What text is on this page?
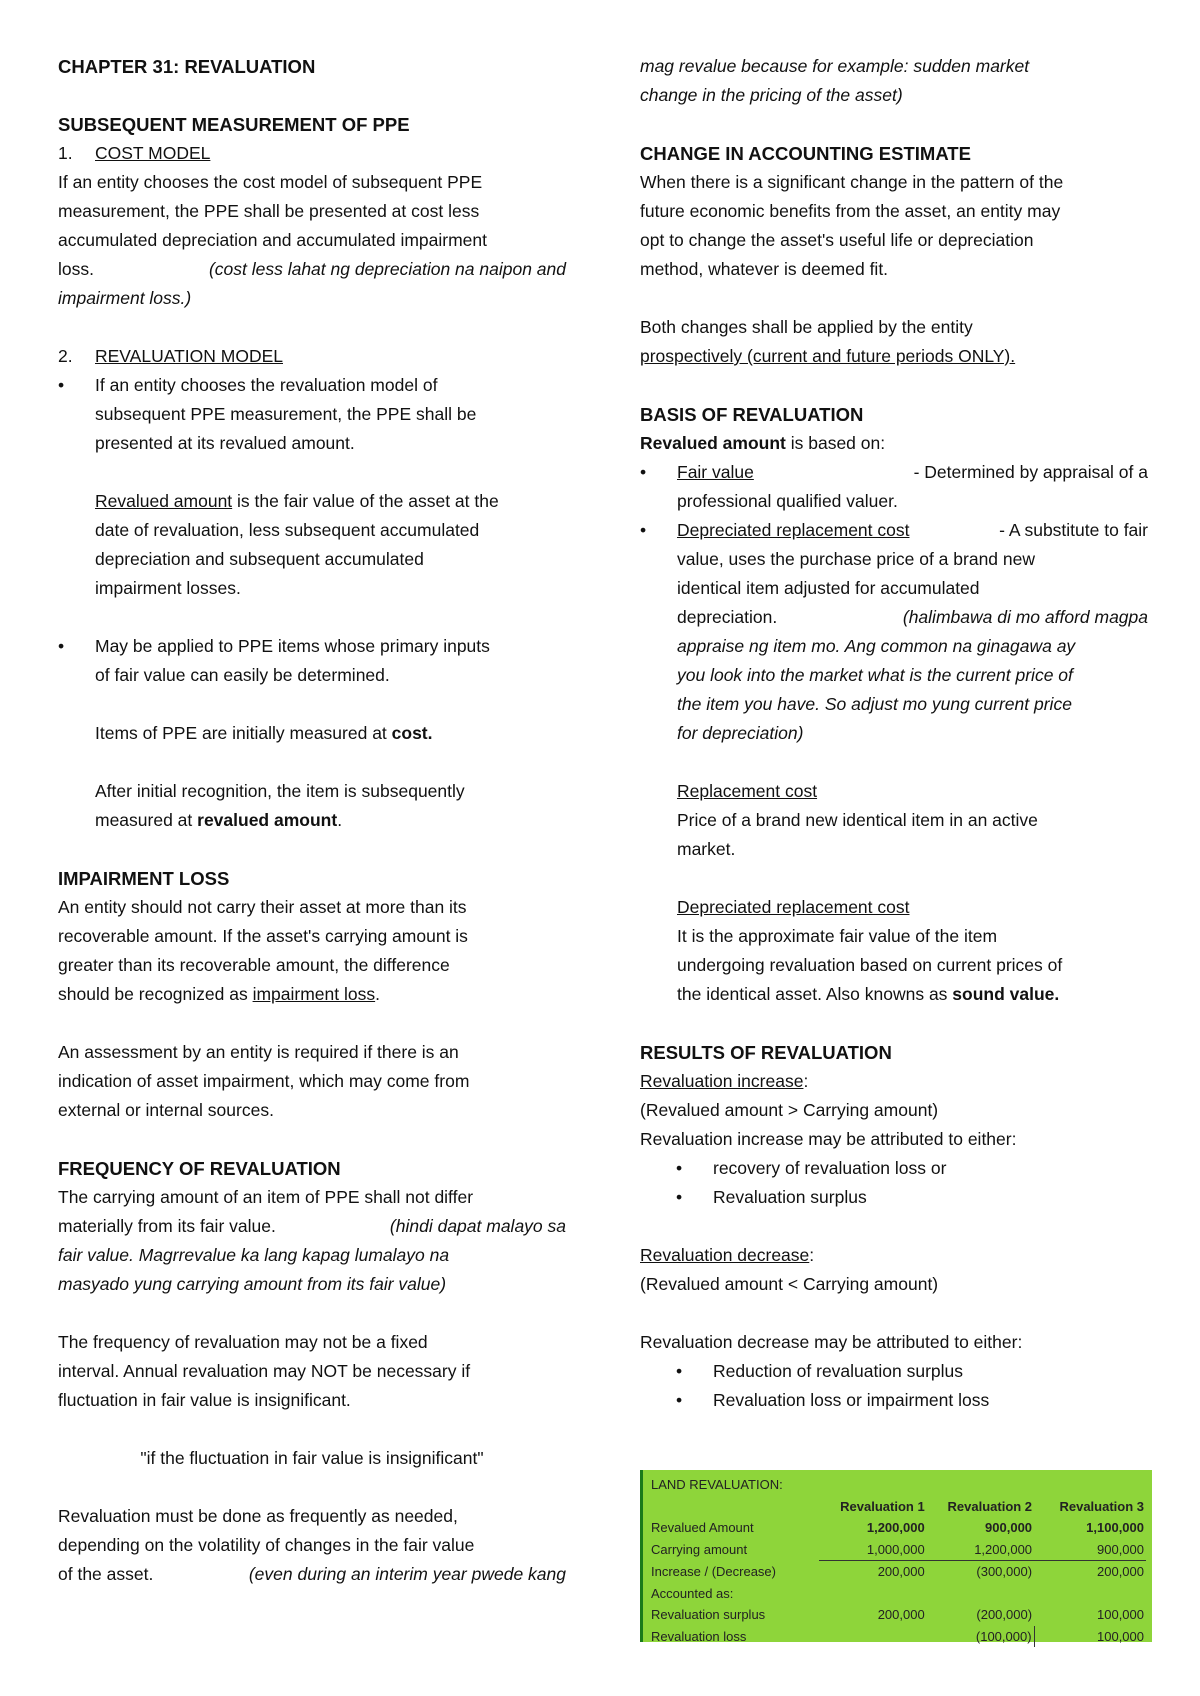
CHAPTER 31: REVALUATION

SUBSEQUENT MEASUREMENT OF PPE

1. COST MODEL

If an entity chooses the cost model of subsequent PPE

measurement, the PPE shall be presented at cost less

accumulated depreciation and accumulated impairment

loss.	(cost less lahat ng depreciation na naipon and

impairment loss.)

2. REVALUATION MODEL
• If an entity chooses the revaluation model of

subsequent PPE measurement, the PPE shall be

presented at its revalued amount.

Revalued amount is the fair value of the asset at the

date of revaluation, less subsequent accumulated

depreciation and subsequent accumulated

impairment losses.

• May be applied to PPE items whose primary inputs

of fair value can easily be determined.

Items of PPE are initially measured at cost.

After initial recognition, the item is subsequently

measured at revalued amount.

IMPAIRMENT LOSS

An entity should not carry their asset at more than its

recoverable amount. If the asset's carrying amount is

greater than its recoverable amount, the difference

should be recognized as impairment loss.

An assessment by an entity is required if there is an

indication of asset impairment, which may come from

external or internal sources.

FREQUENCY OF REVALUATION

The carrying amount of an item of PPE shall not differ

materially from its fair value.	(hindi dapat malayo sa

fair value. Magrrevalue ka lang kapag lumalayo na

masyado yung carrying amount from its fair value)

The frequency of revaluation may not be a fixed

interval. Annual revaluation may NOT be necessary if

fluctuation in fair value is insignificant.

"if the fluctuation in fair value is insignificant"

Revaluation must be done as frequently as needed,

depending on the volatility of changes in the fair value

of the asset.	(even during an interim year pwede kang

mag revalue because for example: sudden market

change in the pricing of the asset)

CHANGE IN ACCOUNTING ESTIMATE

When there is a significant change in the pattern of the

future economic benefits from the asset, an entity may

opt to change the asset's useful life or depreciation

method, whatever is deemed fit.

Both changes shall be applied by the entity

prospectively (current and future periods ONLY).

BASIS OF REVALUATION

Revalued amount is based on:

• Fair value	- Determined by appraisal of a

professional qualified valuer.

• Depreciated replacement cost	- A substitute to fair

value, uses the purchase price of a brand new

identical item adjusted for accumulated

depreciation.	(halimbawa di mo afford magpa

appraise ng item mo. Ang common na ginagawa ay

you look into the market what is the current price of

the item you have. So adjust mo yung current price

for depreciation)

Replacement cost

Price of a brand new identical item in an active

market.

Depreciated replacement cost

It is the approximate fair value of the item

undergoing revaluation based on current prices of

the identical asset. Also knowns as sound value.

RESULTS OF REVALUATION

Revaluation increase:

(Revalued amount > Carrying amount)

Revaluation increase may be attributed to either:

• recovery of revaluation loss or

• Revaluation surplus

Revaluation decrease:

(Revalued amount < Carrying amount)

Revaluation decrease may be attributed to either:

• Reduction of revaluation surplus

• Revaluation loss or impairment loss

LAND REVALUATION:			
	Revaluation 1	Revaluation 2	Revaluation 3
Revalued Amount	1,200,000	900,000	1,100,000
Carrying amount	1,000,000	1,200,000	900,000
Increase / (Decrease)	200,000	(300,000)	200,000
Accounted as:			
Revaluation surplus	200,000	(200,000)	100,000
Revaluation loss		(100,000)	100,000
